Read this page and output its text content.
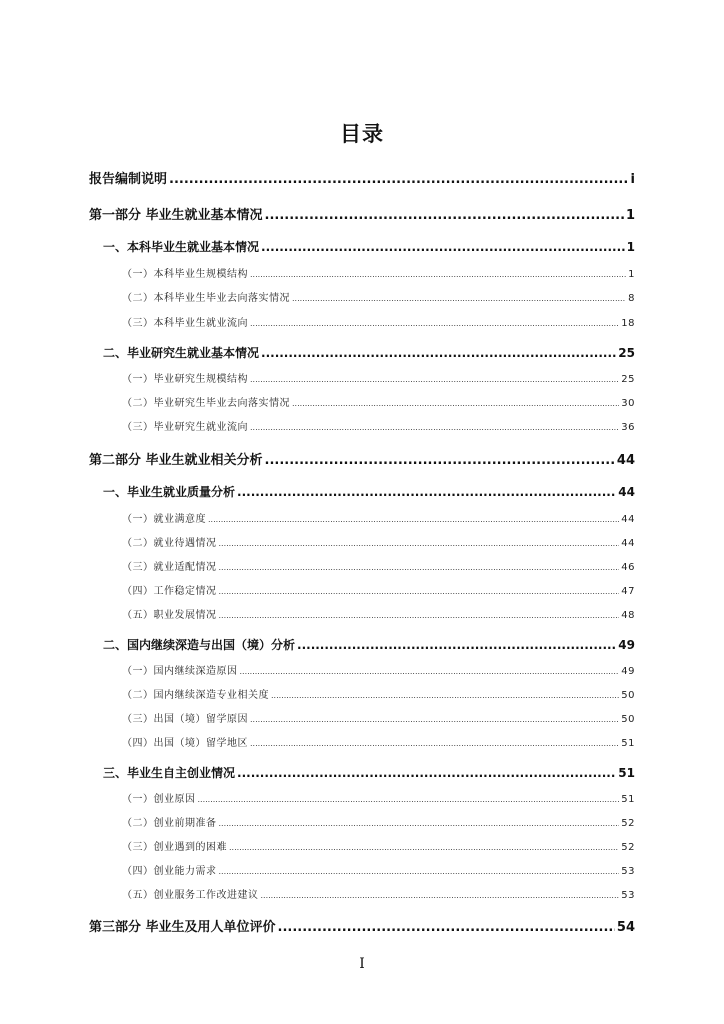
目录
报告编制说明 .....	i
第一部分 毕业生就业基本情况 .....	1
一、本科毕业生就业基本情况 .....	1
（一）本科毕业生规模结构 .....	1
（二）本科毕业生毕业去向落实情况 .....	8
（三）本科毕业生就业流向 .....	18
二、毕业研究生就业基本情况 .....	25
（一）毕业研究生规模结构 .....	25
（二）毕业研究生毕业去向落实情况 .....	30
（三）毕业研究生就业流向 .....	36
第二部分 毕业生就业相关分析 .....	44
一、毕业生就业质量分析 .....	44
（一）就业满意度 .....	44
（二）就业待遇情况 .....	44
（三）就业适配情况 .....	46
（四）工作稳定情况 .....	47
（五）职业发展情况 .....	48
二、国内继续深造与出国（境）分析 .....	49
（一）国内继续深造原因 .....	49
（二）国内继续深造专业相关度 .....	50
（三）出国（境）留学原因 .....	50
（四）出国（境）留学地区 .....	51
三、毕业生自主创业情况 .....	51
（一）创业原因 .....	51
（二）创业前期准备 .....	52
（三）创业遇到的困难 .....	52
（四）创业能力需求 .....	53
（五）创业服务工作改进建议 .....	53
第三部分 毕业生及用人单位评价 .....	54
I
